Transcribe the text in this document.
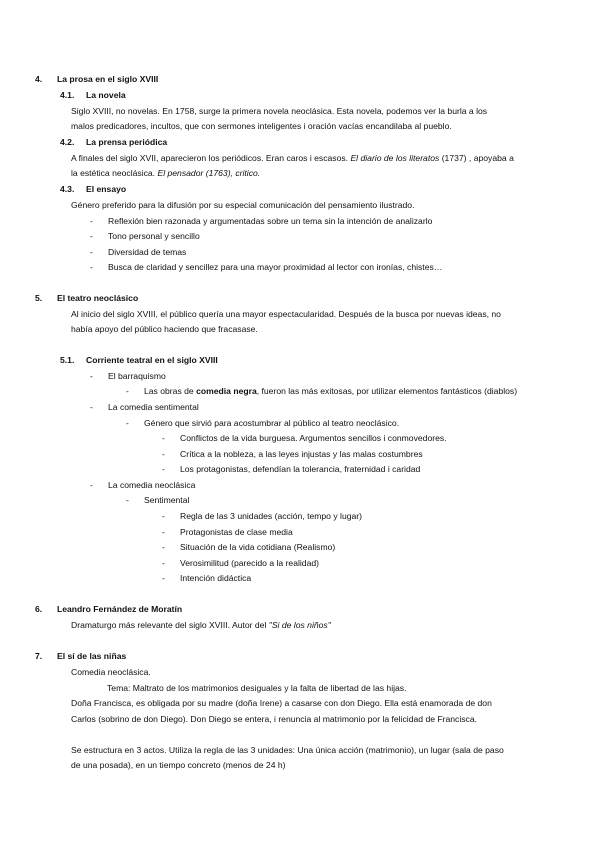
4. La prosa en el siglo XVIII
4.1. La novela
Siglo XVIII, no novelas. En 1758, surge la primera novela neoclásica. Esta novela, podemos ver la burla a los
malos predicadores, incultos, que con sermones inteligentes i oración vacías encandilaba al pueblo.
4.2. La prensa periódica
A finales del siglo XVII, aparecieron los periódicos. Eran caros i escasos. El diario de los literatos (1737) , apoyaba a
la estética neoclásica. El pensador (1763), critico.
4.3. El ensayo
Género preferido para la difusión por su especial comunicación del pensamiento ilustrado.
- Reflexión bien razonada y argumentadas sobre un tema sin la intención de analizarlo
- Tono personal y sencillo
- Diversidad de temas
- Busca de claridad y sencillez para una mayor proximidad al lector con ironías, chistes…
5. El teatro neoclásico
Al inicio del siglo XVIII, el público quería una mayor espectacularidad. Después de la busca por nuevas ideas, no
había apoyo del público haciendo que fracasase.
5.1. Corriente teatral en el siglo XVIII
- El barraquismo
- Las obras de comedia negra, fueron las más exitosas, por utilizar elementos fantásticos (diablos)
- La comedia sentimental
- Género que sirvió para acostumbrar al público al teatro neoclásico.
- Conflictos de la vida burguesa. Argumentos sencillos i conmovedores.
- Crítica a la nobleza, a las leyes injustas y las malas costumbres
- Los protagonistas, defendían la tolerancia, fraternidad i caridad
- La comedia neoclásica
- Sentimental
- Regla de las 3 unidades (acción, tempo y lugar)
- Protagonistas de clase media
- Situación de la vida cotidiana (Realismo)
- Verosimilitud (parecido a la realidad)
- Intención didáctica
6. Leandro Fernández de Moratín
Dramaturgo más relevante del siglo XVIII. Autor del "Si de los niños"
7. El sí de las niñas
Comedia neoclásica.
Tema: Maltrato de los matrimonios desiguales y la falta de libertad de las hijas.
Doña Francisca, es obligada por su madre (doña Irene) a casarse con don Diego. Ella está enamorada de don
Carlos (sobrino de don Diego). Don Diego se entera, i renuncia al matrimonio por la felicidad de Francisca.
Se estructura en 3 actos. Utiliza la regla de las 3 unidades: Una única acción (matrimonio), un lugar (sala de paso
de una posada), en un tiempo concreto (menos de 24 h)
